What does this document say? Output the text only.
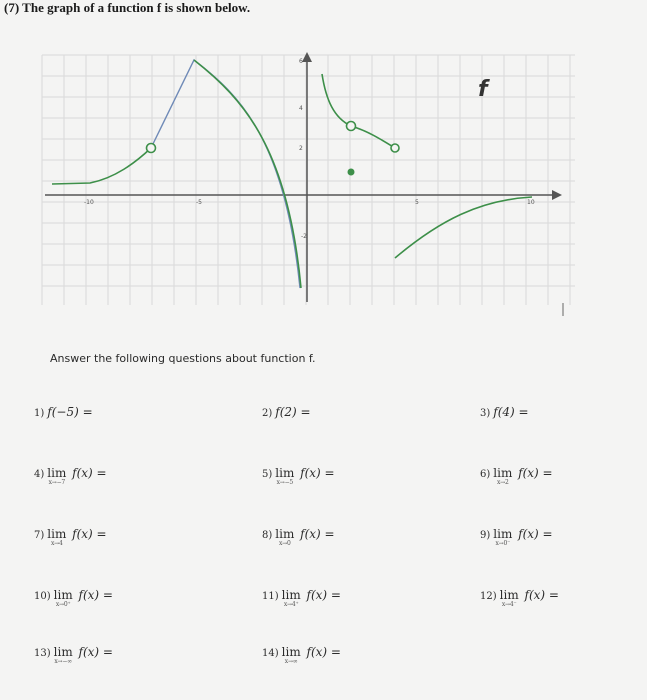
(7) The graph of a function f is shown below.
-10	-5	5	10
6
4
2
-2
f
Answer the following questions about function f.
1) f(−5) =	2) f(2) =	3) f(4) =
4) lim
x→−7
f(x) =	5) lim
x→−5
f(x) =	6) lim
x→2
f(x) =
7) lim
x→4
f(x) =	8) lim
x→0
f(x) =	9) lim
x→0⁻
f(x) =
10) lim
x→0⁺
f(x) =	11) lim
x→4⁺
f(x) =	12) lim
x→4⁻
f(x) =
13) lim
x→−∞
f(x) =	14) lim
x→∞
f(x) =
